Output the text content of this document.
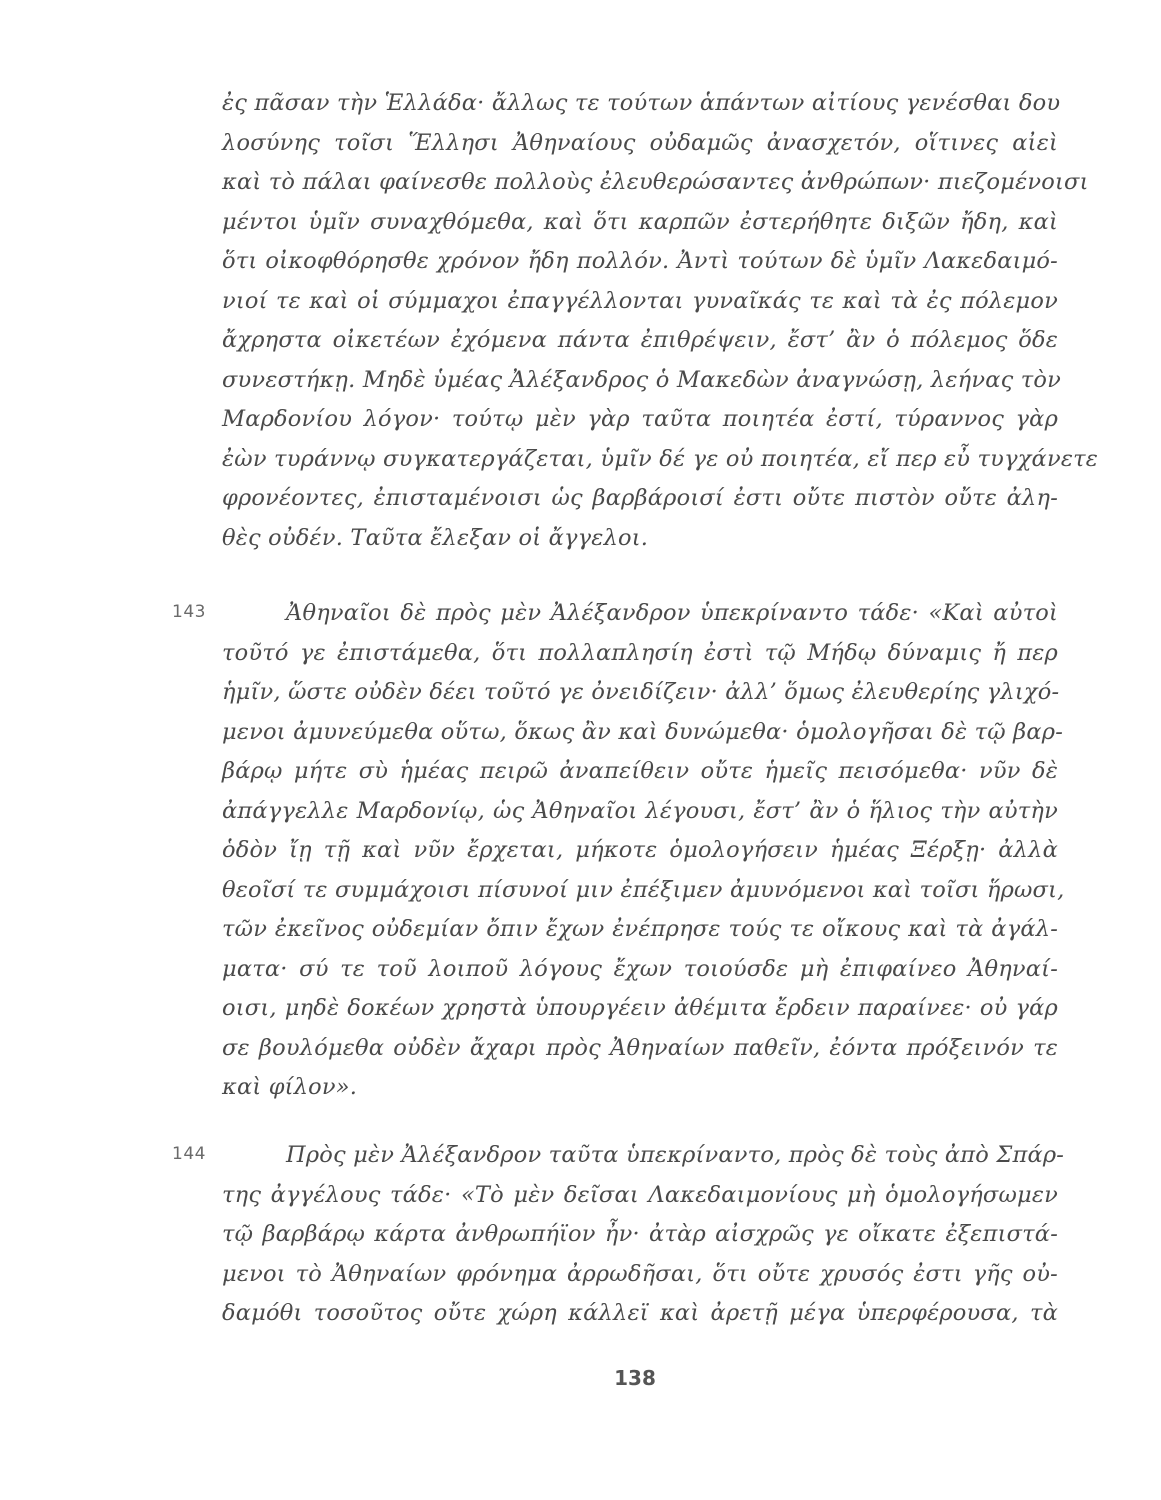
ἐς πᾶσαν τὴν Ἑλλάδα· ἄλλως τε τούτων ἁπάντων αἰτίους γενέσθαι δου
λοσύνης τοῖσι Ἕλλησι Ἀθηναίους οὐδαμῶς ἀνασχετόν, οἵτινες αἰεὶ
καὶ τὸ πάλαι φαίνεσθε πολλοὺς ἐλευθερώσαντες ἀνθρώπων· πιεζομένοισι
μέντοι ὑμῖν συναχθόμεθα, καὶ ὅτι καρπῶν ἐστερήθητε διξῶν ἤδη, καὶ
ὅτι οἰκοφθόρησθε χρόνον ἤδη πολλόν. Ἀντὶ τούτων δὲ ὑμῖν Λακεδαιμό-
νιοί τε καὶ οἱ σύμμαχοι ἐπαγγέλλονται γυναῖκάς τε καὶ τὰ ἐς πόλεμον
ἄχρηστα οἰκετέων ἐχόμενα πάντα ἐπιθρέψειν, ἔστ’ ἂν ὁ πόλεμος ὅδε
συνεστήκῃ. Μηδὲ ὑμέας Ἀλέξανδρος ὁ Μακεδὼν ἀναγνώσῃ, λεήνας τὸν
Μαρδονίου λόγον· τούτῳ μὲν γὰρ ταῦτα ποιητέα ἐστί, τύραννος γὰρ
ἐὼν τυράννῳ συγκατεργάζεται, ὑμῖν δέ γε οὐ ποιητέα, εἴ περ εὖ τυγχάνετε
φρονέοντες, ἐπισταμένοισι ὡς βαρβάροισί ἐστι οὔτε πιστὸν οὔτε ἀλη-
θὲς οὐδέν. Ταῦτα ἔλεξαν οἱ ἄγγελοι.
143	Ἀθηναῖοι δὲ πρὸς μὲν Ἀλέξανδρον ὑπεκρίναντο τάδε· «Καὶ αὐτοὶ
τοῦτό γε ἐπιστάμεθα, ὅτι πολλαπλησίη ἐστὶ τῷ Μήδῳ δύναμις ἤ περ
ἡμῖν, ὥστε οὐδὲν δέει τοῦτό γε ὀνειδίζειν· ἀλλ’ ὅμως ἐλευθερίης γλιχό-
μενοι ἀμυνεύμεθα οὕτω, ὅκως ἂν καὶ δυνώμεθα· ὁμολογῆσαι δὲ τῷ βαρ-
βάρῳ μήτε σὺ ἡμέας πειρῶ ἀναπείθειν οὔτε ἡμεῖς πεισόμεθα· νῦν δὲ
ἀπάγγελλε Μαρδονίῳ, ὡς Ἀθηναῖοι λέγουσι, ἔστ’ ἂν ὁ ἥλιος τὴν αὐτὴν
ὁδὸν ἴῃ τῇ καὶ νῦν ἔρχεται, μήκοτε ὁμολογήσειν ἡμέας Ξέρξῃ· ἀλλὰ
θεοῖσί τε συμμάχοισι πίσυνοί μιν ἐπέξιμεν ἀμυνόμενοι καὶ τοῖσι ἥρωσι,
τῶν ἐκεῖνος οὐδεμίαν ὄπιν ἔχων ἐνέπρησε τούς τε οἴκους καὶ τὰ ἀγάλ-
ματα· σύ τε τοῦ λοιποῦ λόγους ἔχων τοιούσδε μὴ ἐπιφαίνεο Ἀθηναί-
οισι, μηδὲ δοκέων χρηστὰ ὑπουργέειν ἀθέμιτα ἔρδειν παραίνεε· οὐ γάρ
σε βουλόμεθα οὐδὲν ἄχαρι πρὸς Ἀθηναίων παθεῖν, ἐόντα πρόξεινόν τε
καὶ φίλον».
144	Πρὸς μὲν Ἀλέξανδρον ταῦτα ὑπεκρίναντο, πρὸς δὲ τοὺς ἀπὸ Σπάρ-
της ἀγγέλους τάδε· «Τὸ μὲν δεῖσαι Λακεδαιμονίους μὴ ὁμολογήσωμεν
τῷ βαρβάρῳ κάρτα ἀνθρωπήϊον ἦν· ἀτὰρ αἰσχρῶς γε οἴκατε ἐξεπιστά-
μενοι τὸ Ἀθηναίων φρόνημα ἀρρωδῆσαι, ὅτι οὔτε χρυσός ἐστι γῆς οὐ-
δαμόθι τοσοῦτος οὔτε χώρη κάλλεϊ καὶ ἀρετῇ μέγα ὑπερφέρουσα, τὰ
138
